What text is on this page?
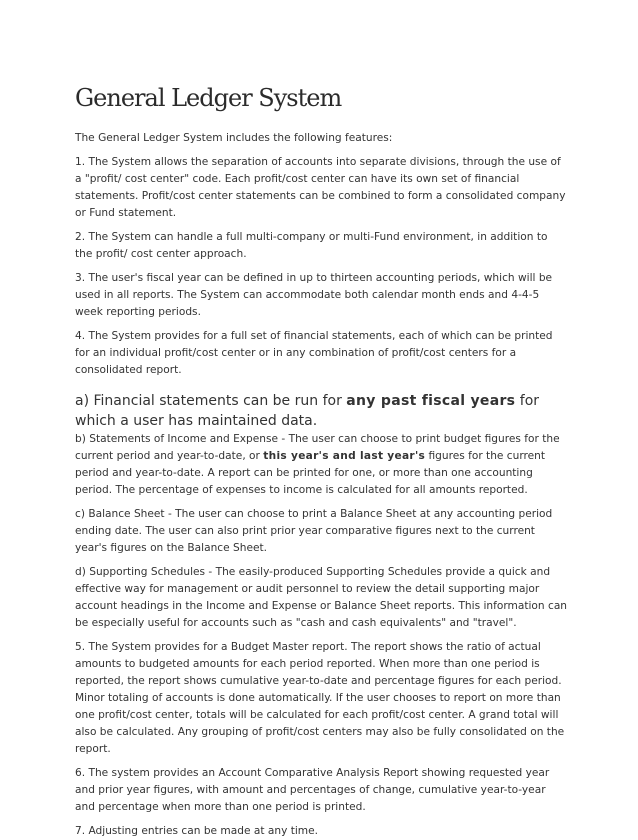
General Ledger System

The General Ledger System includes the following features:

1. The System allows the separation of accounts into separate divisions, through the use of a "profit/ cost center" code. Each profit/cost center can have its own set of financial statements. Profit/cost center statements can be combined to form a consolidated company or Fund statement.

2. The System can handle a full multi-company or multi-Fund environment, in addition to the profit/ cost center approach.

3. The user's fiscal year can be defined in up to thirteen accounting periods, which will be used in all reports. The System can accommodate both calendar month ends and 4-4-5 week reporting periods.

4. The System provides for a full set of financial statements, each of which can be printed for an individual profit/cost center or in any combination of profit/cost centers for a consolidated report.

a) Financial statements can be run for any past fiscal years for which a user has maintained data.

b) Statements of Income and Expense - The user can choose to print budget figures for the current period and year-to-date, or this year's and last year's figures for the current period and year-to-date. A report can be printed for one, or more than one accounting period. The percentage of expenses to income is calculated for all amounts reported.

c) Balance Sheet - The user can choose to print a Balance Sheet at any accounting period ending date. The user can also print prior year comparative figures next to the current year's figures on the Balance Sheet.

d) Supporting Schedules - The easily-produced Supporting Schedules provide a quick and effective way for management or audit personnel to review the detail supporting major account headings in the Income and Expense or Balance Sheet reports. This information can be especially useful for accounts such as "cash and cash equivalents" and "travel".

5. The System provides for a Budget Master report. The report shows the ratio of actual amounts to budgeted amounts for each period reported. When more than one period is reported, the report shows cumulative year-to-date and percentage figures for each period. Minor totaling of accounts is done automatically. If the user chooses to report on more than one profit/cost center, totals will be calculated for each profit/cost center. A grand total will also be calculated. Any grouping of profit/cost centers may also be fully consolidated on the report.

6. The system provides an Account Comparative Analysis Report showing requested year and prior year figures, with amount and percentages of change, cumulative year-to-year and percentage when more than one period is printed.

7. Adjusting entries can be made at any time.
